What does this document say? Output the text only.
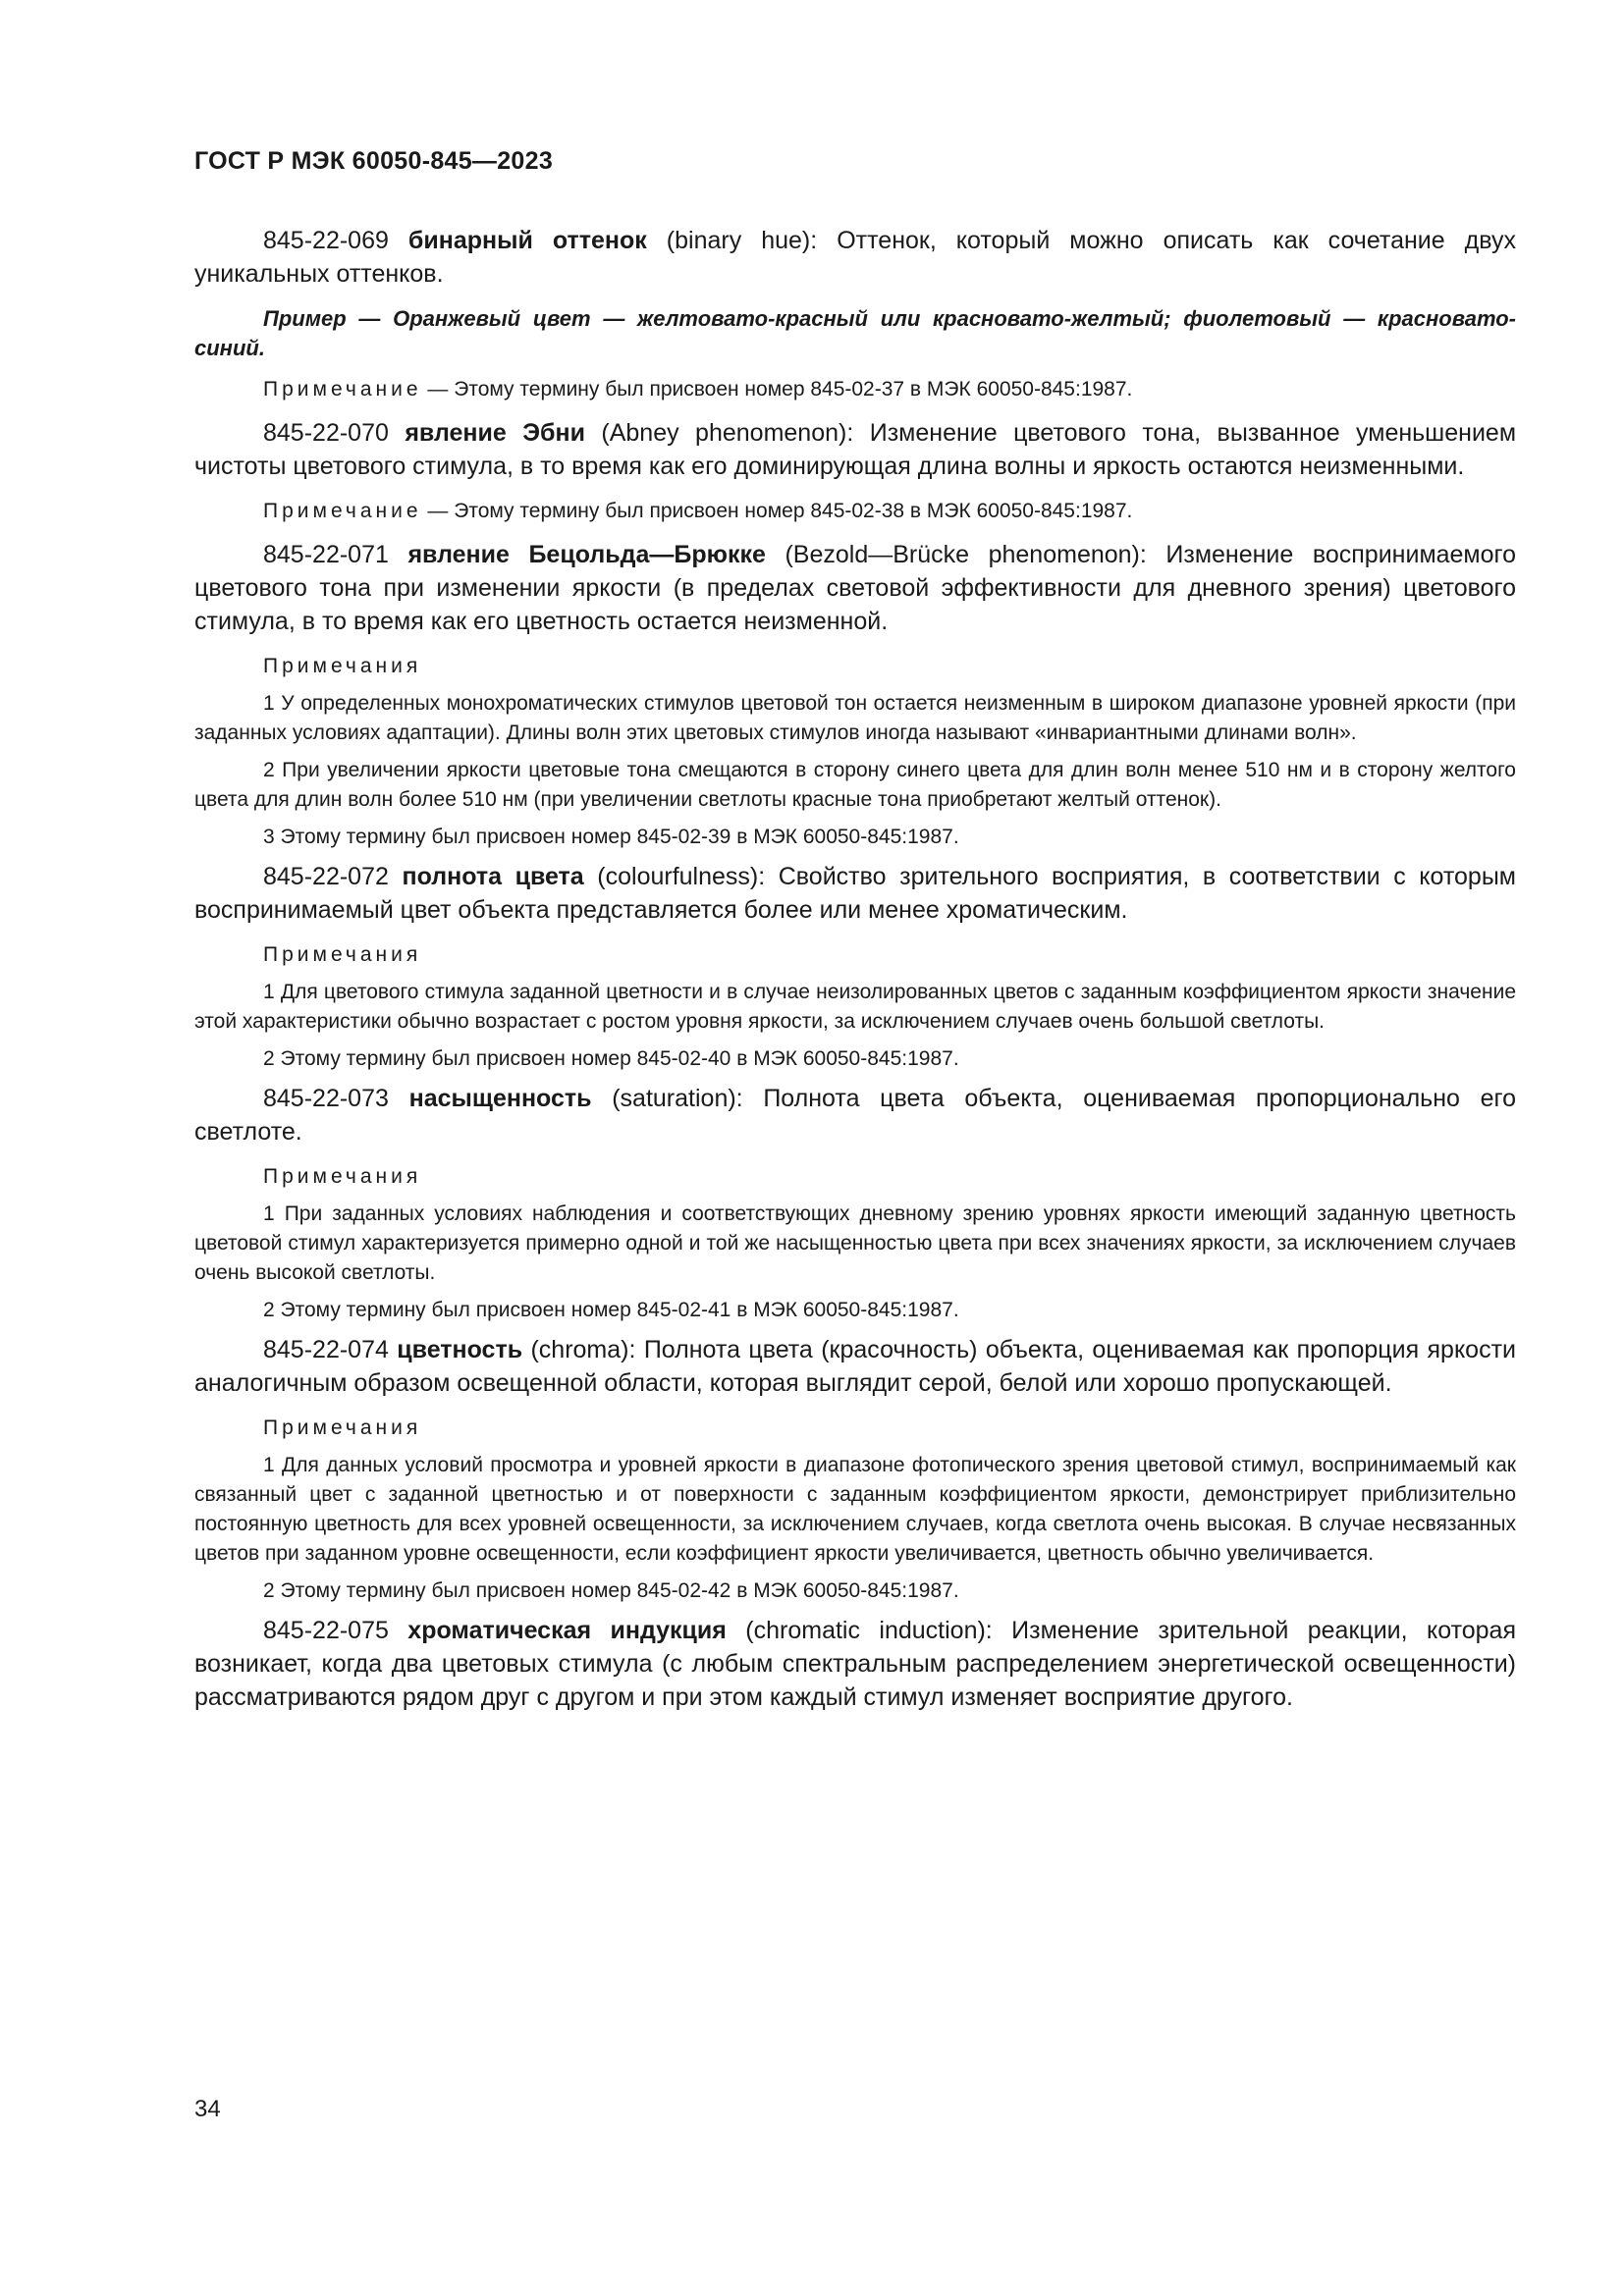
ГОСТ Р МЭК 60050-845—2023

845-22-069 бинарный оттенок (binary hue): Оттенок, который можно описать как сочетание двух уникальных оттенков.

Пример — Оранжевый цвет — желтовато-красный или красновато-желтый; фиолетовый — красновато-синий.

Примечание — Этому термину был присвоен номер 845-02-37 в МЭК 60050-845:1987.

845-22-070 явление Эбни (Abney phenomenon): Изменение цветового тона, вызванное уменьшением чистоты цветового стимула, в то время как его доминирующая длина волны и яркость остаются неизменными.

Примечание — Этому термину был присвоен номер 845-02-38 в МЭК 60050-845:1987.

845-22-071 явление Бецольда—Брюкке (Bezold—Brücke phenomenon): Изменение воспринимаемого цветового тона при изменении яркости (в пределах световой эффективности для дневного зрения) цветового стимула, в то время как его цветность остается неизменной.

Примечания

1 У определенных монохроматических стимулов цветовой тон остается неизменным в широком диапазоне уровней яркости (при заданных условиях адаптации). Длины волн этих цветовых стимулов иногда называют «инвариантными длинами волн».

2 При увеличении яркости цветовые тона смещаются в сторону синего цвета для длин волн менее 510 нм и в сторону желтого цвета для длин волн более 510 нм (при увеличении светлоты красные тона приобретают желтый оттенок).

3 Этому термину был присвоен номер 845-02-39 в МЭК 60050-845:1987.

845-22-072 полнота цвета (colourfulness): Свойство зрительного восприятия, в соответствии с которым воспринимаемый цвет объекта представляется более или менее хроматическим.

Примечания

1 Для цветового стимула заданной цветности и в случае неизолированных цветов с заданным коэффициентом яркости значение этой характеристики обычно возрастает с ростом уровня яркости, за исключением случаев очень большой светлоты.

2 Этому термину был присвоен номер 845-02-40 в МЭК 60050-845:1987.

845-22-073 насыщенность (saturation): Полнота цвета объекта, оцениваемая пропорционально его светлоте.

Примечания

1 При заданных условиях наблюдения и соответствующих дневному зрению уровнях яркости имеющий заданную цветность цветовой стимул характеризуется примерно одной и той же насыщенностью цвета при всех значениях яркости, за исключением случаев очень высокой светлоты.

2 Этому термину был присвоен номер 845-02-41 в МЭК 60050-845:1987.

845-22-074 цветность (chroma): Полнота цвета (красочность) объекта, оцениваемая как пропорция яркости аналогичным образом освещенной области, которая выглядит серой, белой или хорошо пропускающей.

Примечания

1 Для данных условий просмотра и уровней яркости в диапазоне фотопического зрения цветовой стимул, воспринимаемый как связанный цвет с заданной цветностью и от поверхности с заданным коэффициентом яркости, демонстрирует приблизительно постоянную цветность для всех уровней освещенности, за исключением случаев, когда светлота очень высокая. В случае несвязанных цветов при заданном уровне освещенности, если коэффициент яркости увеличивается, цветность обычно увеличивается.

2 Этому термину был присвоен номер 845-02-42 в МЭК 60050-845:1987.

845-22-075 хроматическая индукция (chromatic induction): Изменение зрительной реакции, которая возникает, когда два цветовых стимула (с любым спектральным распределением энергетической освещенности) рассматриваются рядом друг с другом и при этом каждый стимул изменяет восприятие другого.

34
